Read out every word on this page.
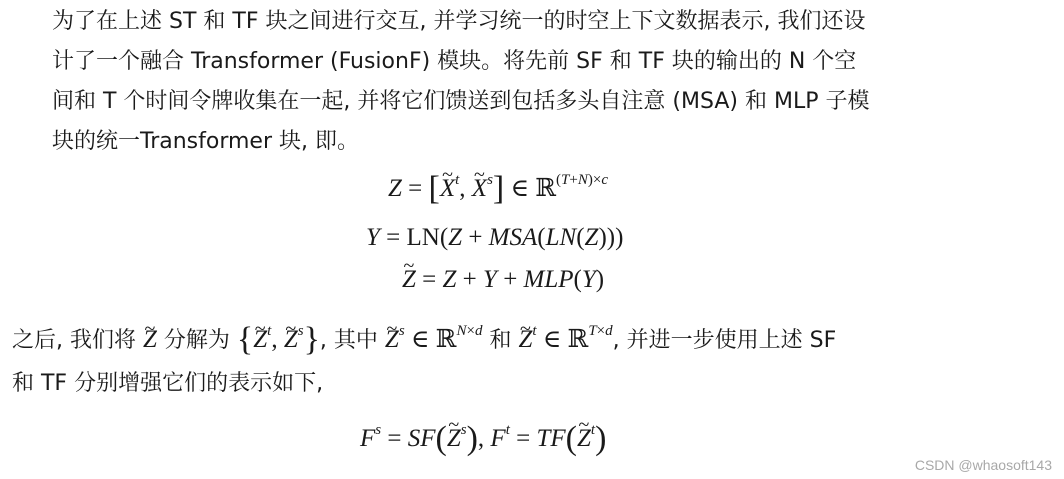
为了在上述 ST 和 TF 块之间进行交互, 并学习统一的时空上下文数据表示, 我们还设
计了一个融合 Transformer (FusionF) 模块。将先前 SF 和 TF 块的输出的 N 个空
间和 T 个时间令牌收集在一起, 并将它们馈送到包括多头自注意 (MSA) 和 MLP 子模
块的统一Transformer 块, 即。
Z = [~ $X^t$, ~ $X^s$] ∈ ℝ$^{(T+N)\times c}$
Y = LN(Z + MSA(LN(Z)))
~ Z = Z + Y + MLP(Y)
之后, 我们将 ~ Z 分解为 {~ $Z^t$, ~ $Z^s$}, 其中 ~ $Z^s$ ∈ ℝ$^{N\times d}$ 和 ~ $Z^t$ ∈ ℝ$^{T\times d}$, 并进一步使用上述 SF
和 TF 分别增强它们的表示如下,
$F^s$ = SF(~ $Z^s$), $F^t$ = TF(~ $Z^t$)
CSDN @whaosoft143
